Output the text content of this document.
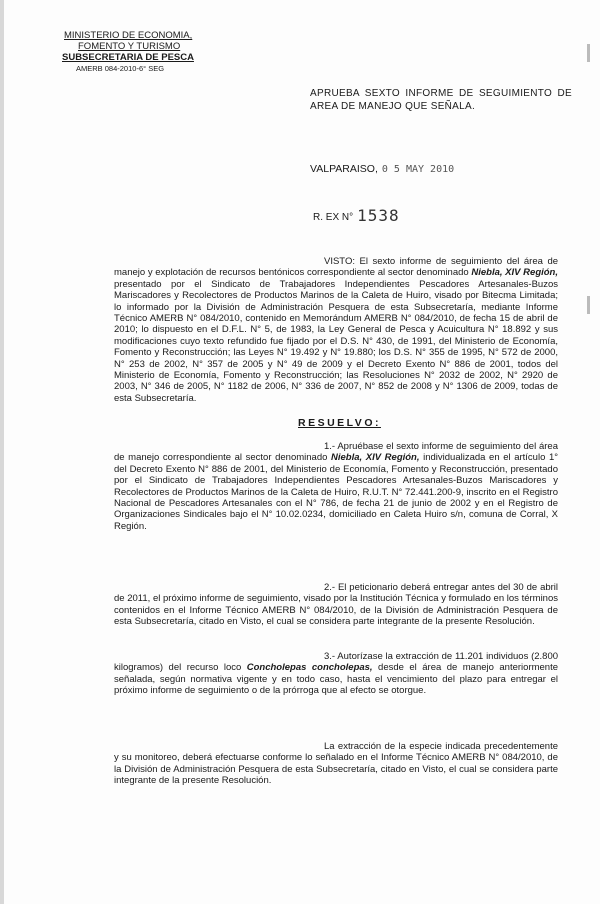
MINISTERIO DE ECONOMIA,
FOMENTO Y TURISMO
SUBSECRETARIA DE PESCA
AMERB 084-2010-6° SEG
APRUEBA SEXTO INFORME DE SEGUIMIENTO DE AREA DE MANEJO QUE SEÑALA.
VALPARAISO, 0 5 MAY 2010
R. EX N° 1538
VISTO: El sexto informe de seguimiento del área de manejo y explotación de recursos bentónicos correspondiente al sector denominado Niebla, XIV Región, presentado por el Sindicato de Trabajadores Independientes Pescadores Artesanales-Buzos Mariscadores y Recolectores de Productos Marinos de la Caleta de Huiro, visado por Bitecma Limitada; lo informado por la División de Administración Pesquera de esta Subsecretaría, mediante Informe Técnico AMERB N° 084/2010, contenido en Memorándum AMERB N° 084/2010, de fecha 15 de abril de 2010; lo dispuesto en el D.F.L. N° 5, de 1983, la Ley General de Pesca y Acuicultura N° 18.892 y sus modificaciones cuyo texto refundido fue fijado por el D.S. N° 430, de 1991, del Ministerio de Economía, Fomento y Reconstrucción; las Leyes N° 19.492 y N° 19.880; los D.S. N° 355 de 1995, N° 572 de 2000, N° 253 de 2002, N° 357 de 2005 y N° 49 de 2009 y el Decreto Exento N° 886 de 2001, todos del Ministerio de Economía, Fomento y Reconstrucción; las Resoluciones N° 2032 de 2002, N° 2920 de 2003, N° 346 de 2005, N° 1182 de 2006, N° 336 de 2007, N° 852 de 2008 y N° 1306 de 2009, todas de esta Subsecretaría.
RESUELVO:
1.- Apruébase el sexto informe de seguimiento del área de manejo correspondiente al sector denominado Niebla, XIV Región, individualizada en el artículo 1° del Decreto Exento N° 886 de 2001, del Ministerio de Economía, Fomento y Reconstrucción, presentado por el Sindicato de Trabajadores Independientes Pescadores Artesanales-Buzos Mariscadores y Recolectores de Productos Marinos de la Caleta de Huiro, R.U.T. N° 72.441.200-9, inscrito en el Registro Nacional de Pescadores Artesanales con el N° 786, de fecha 21 de junio de 2002 y en el Registro de Organizaciones Sindicales bajo el N° 10.02.0234, domiciliado en Caleta Huiro s/n, comuna de Corral, X Región.
2.- El peticionario deberá entregar antes del 30 de abril de 2011, el próximo informe de seguimiento, visado por la Institución Técnica y formulado en los términos contenidos en el Informe Técnico AMERB N° 084/2010, de la División de Administración Pesquera de esta Subsecretaría, citado en Visto, el cual se considera parte integrante de la presente Resolución.
3.- Autorízase la extracción de 11.201 individuos (2.800 kilogramos) del recurso loco Concholepas concholepas, desde el área de manejo anteriormente señalada, según normativa vigente y en todo caso, hasta el vencimiento del plazo para entregar el próximo informe de seguimiento o de la prórroga que al efecto se otorgue.
La extracción de la especie indicada precedentemente y su monitoreo, deberá efectuarse conforme lo señalado en el Informe Técnico AMERB N° 084/2010, de la División de Administración Pesquera de esta Subsecretaría, citado en Visto, el cual se considera parte integrante de la presente Resolución.
